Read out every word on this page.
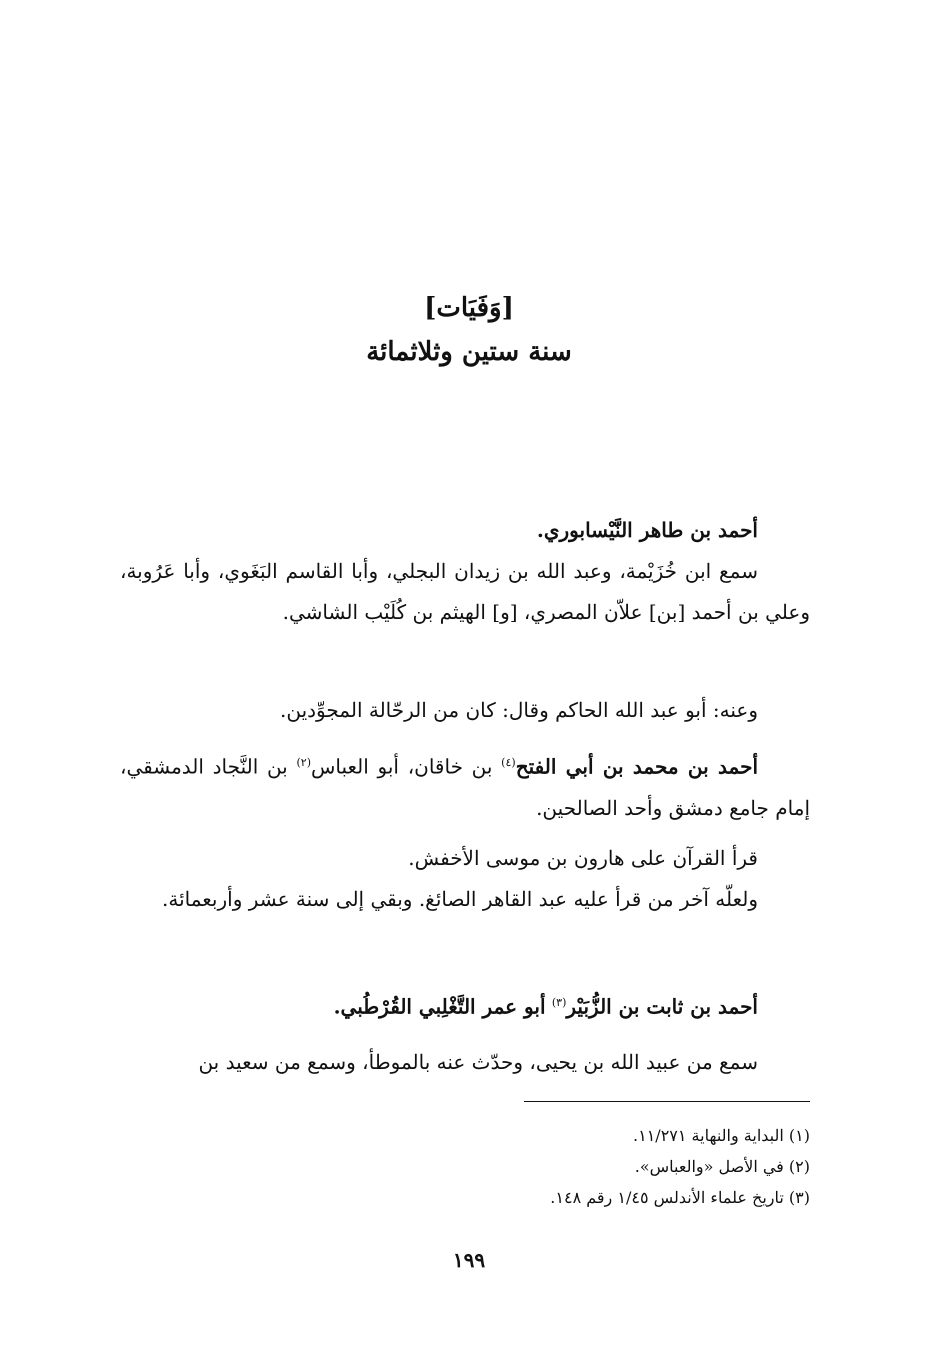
[وَفَيَات]
سنة ستين وثلاثمائة

أحمد بن طاهر النَّيْسابوري.

سمع ابن خُزَيْمة، وعبد الله بن زيدان البجلي، وأبا القاسم البَغَوي، وأبا عَرُوبة، وعلي بن أحمد [بن] علاّن المصري، [و] الهيثم بن كُلَيْب الشاشي.

وعنه: أبو عبد الله الحاكم وقال: كان من الرحّالة المجوِّدين.

أحمد بن محمد بن أبي الفتح$^{(٤)}$ بن خاقان، أبو العباس$^{(٢)}$ بن النَّجاد الدمشقي، إمام جامع دمشق وأحد الصالحين.

قرأ القرآن على هارون بن موسى الأخفش.

ولعلّه آخر من قرأ عليه عبد القاهر الصائغ. وبقي إلى سنة عشر وأربعمائة.

أحمد بن ثابت بن الزُّبَيْر$^{(٣)}$ أبو عمر التَّغْلِبي القُرْطُبي.

سمع من عبيد الله بن يحيى، وحدّث عنه بالموطأ، وسمع من سعيد بن

(١) البداية والنهاية ١١/٢٧١.

(٢) في الأصل «والعباس».

(٣) تاريخ علماء الأندلس ١/٤٥ رقم ١٤٨.

١٩٩
